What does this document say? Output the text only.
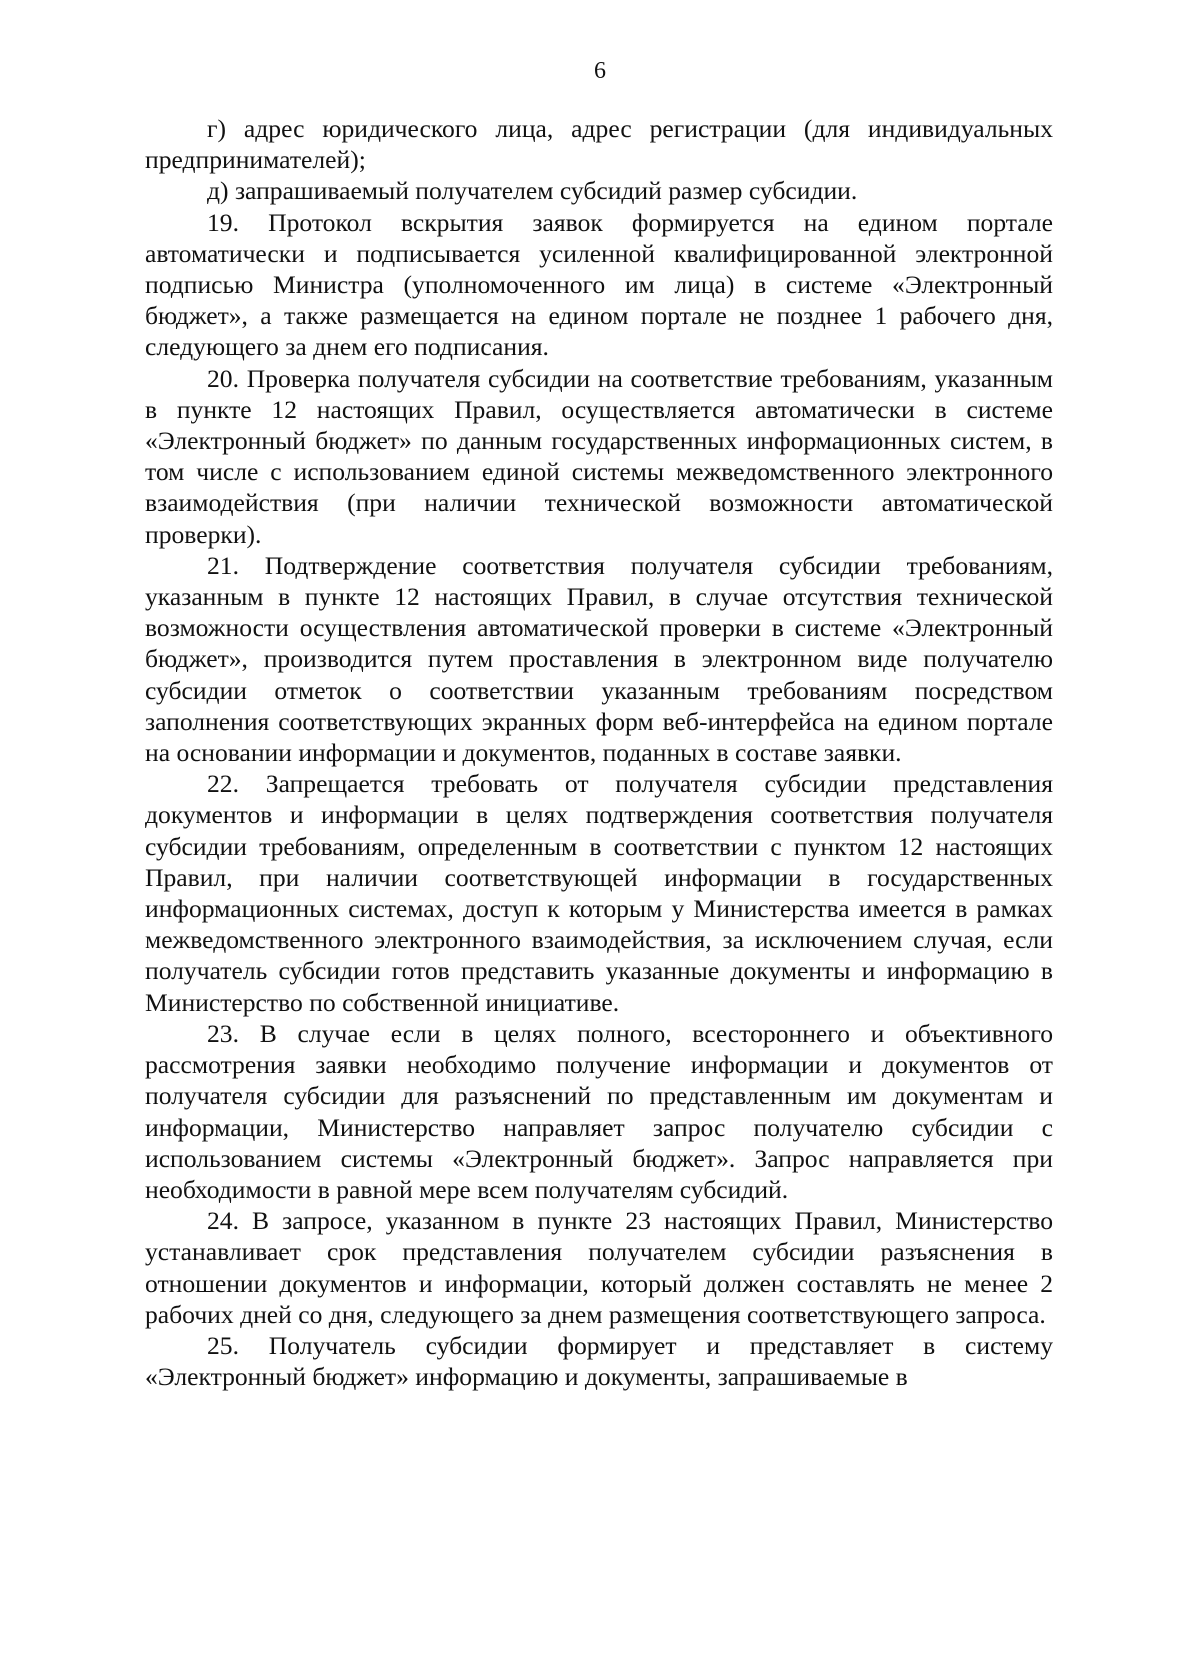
6

г) адрес юридического лица, адрес регистрации (для индивидуальных предпринимателей);

д) запрашиваемый получателем субсидий размер субсидии.

19. Протокол вскрытия заявок формируется на едином портале автоматически и подписывается усиленной квалифицированной электронной подписью Министра (уполномоченного им лица) в системе «Электронный бюджет», а также размещается на едином портале не позднее 1 рабочего дня, следующего за днем его подписания.

20. Проверка получателя субсидии на соответствие требованиям, указанным в пункте 12 настоящих Правил, осуществляется автоматически в системе «Электронный бюджет» по данным государственных информационных систем, в том числе с использованием единой системы межведомственного электронного взаимодействия (при наличии технической возможности автоматической проверки).

21. Подтверждение соответствия получателя субсидии требованиям, указанным в пункте 12 настоящих Правил, в случае отсутствия технической возможности осуществления автоматической проверки в системе «Электронный бюджет», производится путем проставления в электронном виде получателю субсидии отметок о соответствии указанным требованиям посредством заполнения соответствующих экранных форм веб-интерфейса на едином портале на основании информации и документов, поданных в составе заявки.

22. Запрещается требовать от получателя субсидии представления документов и информации в целях подтверждения соответствия получателя субсидии требованиям, определенным в соответствии с пунктом 12 настоящих Правил, при наличии соответствующей информации в государственных информационных системах, доступ к которым у Министерства имеется в рамках межведомственного электронного взаимодействия, за исключением случая, если получатель субсидии готов представить указанные документы и информацию в Министерство по собственной инициативе.

23. В случае если в целях полного, всестороннего и объективного рассмотрения заявки необходимо получение информации и документов от получателя субсидии для разъяснений по представленным им документам и информации, Министерство направляет запрос получателю субсидии с использованием системы «Электронный бюджет». Запрос направляется при необходимости в равной мере всем получателям субсидий.

24. В запросе, указанном в пункте 23 настоящих Правил, Министерство устанавливает срок представления получателем субсидии разъяснения в отношении документов и информации, который должен составлять не менее 2 рабочих дней со дня, следующего за днем размещения соответствующего запроса.

25. Получатель субсидии формирует и представляет в систему «Электронный бюджет» информацию и документы, запрашиваемые в
